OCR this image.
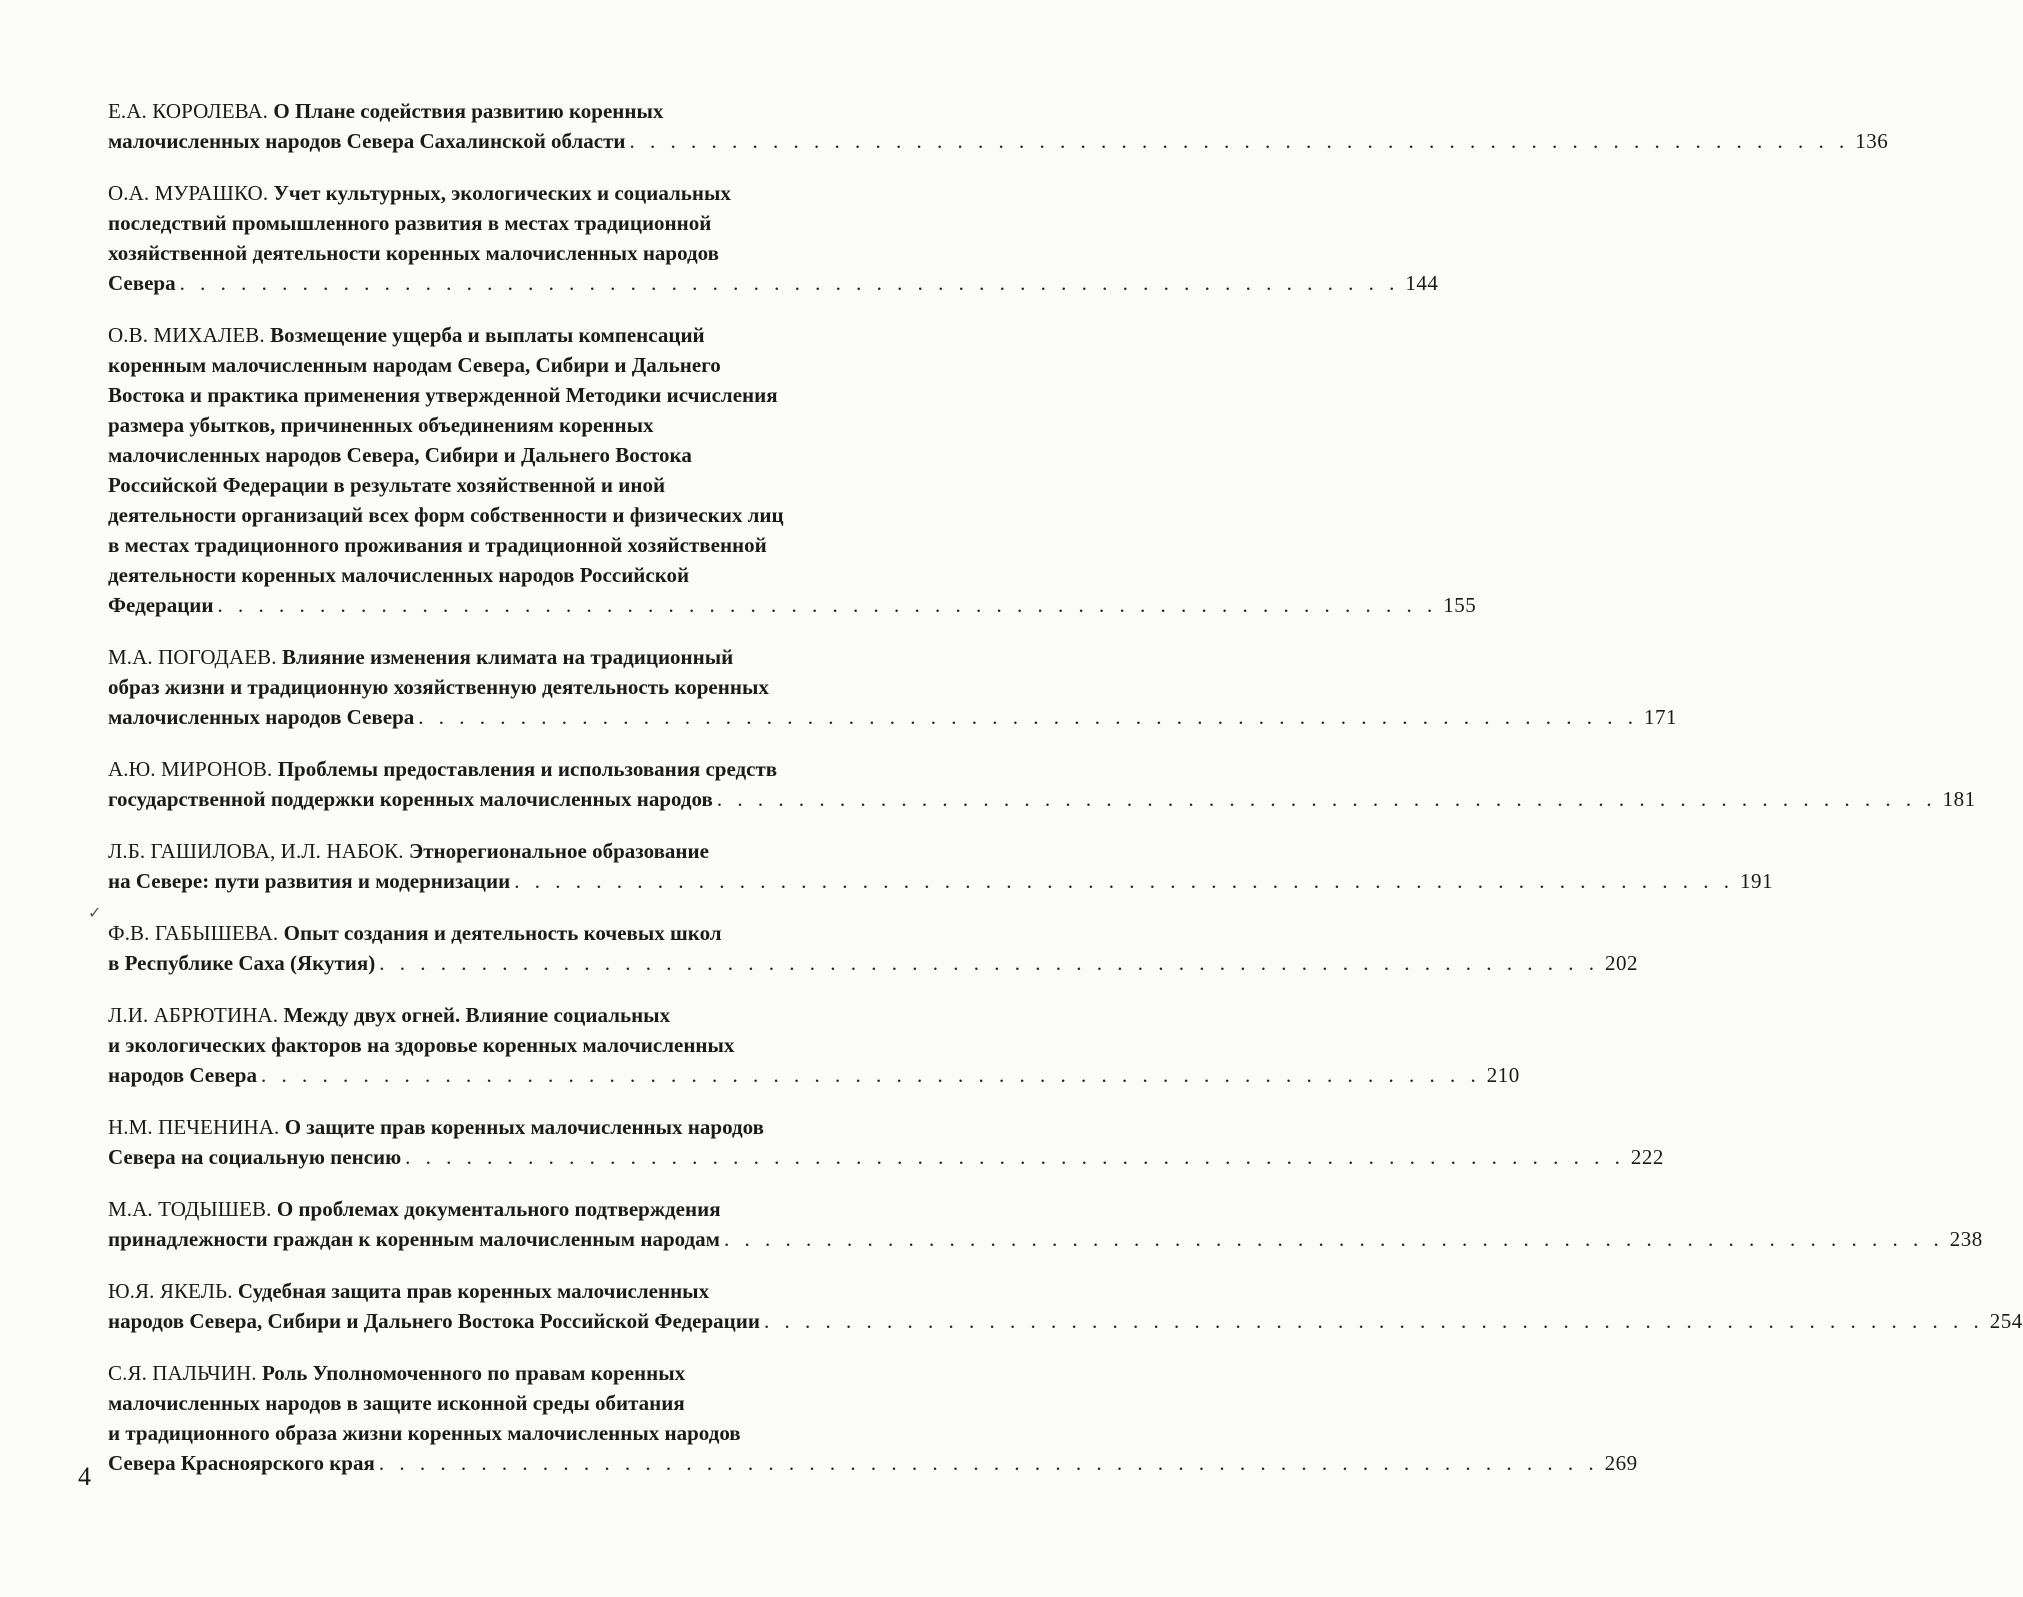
Е.А. КОРОЛЕВА. О Плане содействия развитию коренных

малочисленных народов Севера Сахалинской области . . . . . . . . . . . . . . . . . . . . . . . . . . . . . . . . . . . . . . . . . . . . . . . . . . . . . . . . . . . . 136

О.А. МУРАШКО. Учет культурных, экологических и социальных

последствий промышленного развития в местах традиционной

хозяйственной деятельности коренных малочисленных народов

Севера . . . . . . . . . . . . . . . . . . . . . . . . . . . . . . . . . . . . . . . . . . . . . . . . . . . . . . . . . . . . 144

О.В. МИХАЛЕВ. Возмещение ущерба и выплаты компенсаций

коренным малочисленным народам Севера, Сибири и Дальнего

Востока и практика применения утвержденной Методики исчисления

размера убытков, причиненных объединениям коренных

малочисленных народов Севера, Сибири и Дальнего Востока

Российской Федерации в результате хозяйственной и иной

деятельности организаций всех форм собственности и физических лиц

в местах традиционного проживания и традиционной хозяйственной

деятельности коренных малочисленных народов Российской

Федерации . . . . . . . . . . . . . . . . . . . . . . . . . . . . . . . . . . . . . . . . . . . . . . . . . . . . . . . . . . . . 155

М.А. ПОГОДАЕВ. Влияние изменения климата на традиционный

образ жизни и традиционную хозяйственную деятельность коренных

малочисленных народов Севера . . . . . . . . . . . . . . . . . . . . . . . . . . . . . . . . . . . . . . . . . . . . . . . . . . . . . . . . . . . . 171

А.Ю. МИРОНОВ. Проблемы предоставления и использования средств

государственной поддержки коренных малочисленных народов . . . . . . . . . . . . . . . . . . . . . . . . . . . . . . . . . . . . . . . . . . . . . . . . . . . . . . . . . . . . 181

Л.Б. ГАШИЛОВА, И.Л. НАБОК. Этнорегиональное образование

на Севере: пути развития и модернизации . . . . . . . . . . . . . . . . . . . . . . . . . . . . . . . . . . . . . . . . . . . . . . . . . . . . . . . . . . . . 191

Ф.В. ГАБЫШЕВА. Опыт создания и деятельность кочевых школ

в Республике Саха (Якутия) . . . . . . . . . . . . . . . . . . . . . . . . . . . . . . . . . . . . . . . . . . . . . . . . . . . . . . . . . . . . 202

Л.И. АБРЮТИНА. Между двух огней. Влияние социальных

и экологических факторов на здоровье коренных малочисленных

народов Севера . . . . . . . . . . . . . . . . . . . . . . . . . . . . . . . . . . . . . . . . . . . . . . . . . . . . . . . . . . . . 210

Н.М. ПЕЧЕНИНА. О защите прав коренных малочисленных народов

Севера на социальную пенсию . . . . . . . . . . . . . . . . . . . . . . . . . . . . . . . . . . . . . . . . . . . . . . . . . . . . . . . . . . . . 222

М.А. ТОДЫШЕВ. О проблемах документального подтверждения

принадлежности граждан к коренным малочисленным народам . . . . . . . . . . . . . . . . . . . . . . . . . . . . . . . . . . . . . . . . . . . . . . . . . . . . . . . . . . . . 238

Ю.Я. ЯКЕЛЬ. Судебная защита прав коренных малочисленных

народов Севера, Сибири и Дальнего Востока Российской Федерации . . . . . . . . . . . . . . . . . . . . . . . . . . . . . . . . . . . . . . . . . . . . . . . . . . . . . . . . . . . . 254

С.Я. ПАЛЬЧИН. Роль Уполномоченного по правам коренных

малочисленных народов в защите исконной среды обитания

и традиционного образа жизни коренных малочисленных народов

Севера Красноярского края . . . . . . . . . . . . . . . . . . . . . . . . . . . . . . . . . . . . . . . . . . . . . . . . . . . . . . . . . . . . 269

✓
4
